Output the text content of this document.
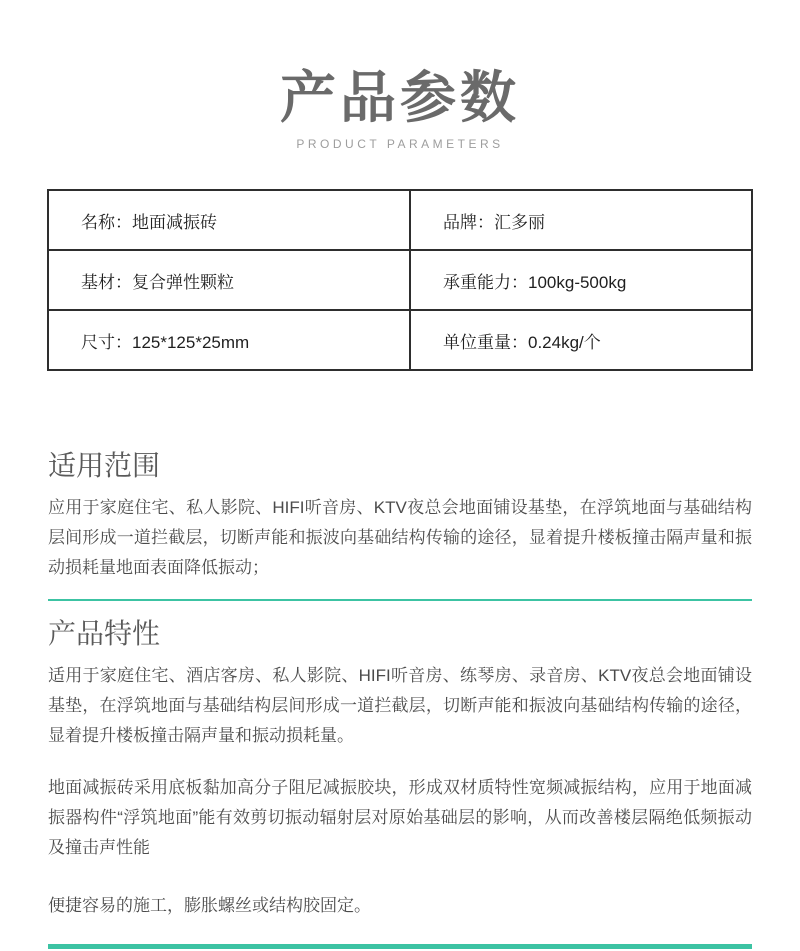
产品参数
PRODUCT PARAMETERS
名称：地面减振砖	品牌：汇多丽
基材：复合弹性颗粒	承重能力：100kg-500kg
尺寸：125*125*25mm	单位重量：0.24kg/个
适用范围

应用于家庭住宅、私人影院、HIFI听音房、KTV夜总会地面铺设基垫，在浮筑地面与基础结构层间形成一道拦截层，切断声能和振波向基础结构传输的途径，显着提升楼板撞击隔声量和振动损耗量地面表面降低振动；

产品特性

适用于家庭住宅、酒店客房、私人影院、HIFI听音房、练琴房、录音房、KTV夜总会地面铺设基垫，在浮筑地面与基础结构层间形成一道拦截层，切断声能和振波向基础结构传输的途径，显着提升楼板撞击隔声量和振动损耗量。

地面减振砖采用底板黏加高分子阻尼减振胶块，形成双材质特性宽频减振结构，应用于地面减振器构件“浮筑地面”能有效剪切振动辐射层对原始基础层的影响，从而改善楼层隔绝低频振动及撞击声性能

便捷容易的施工，膨胀螺丝或结构胶固定。
